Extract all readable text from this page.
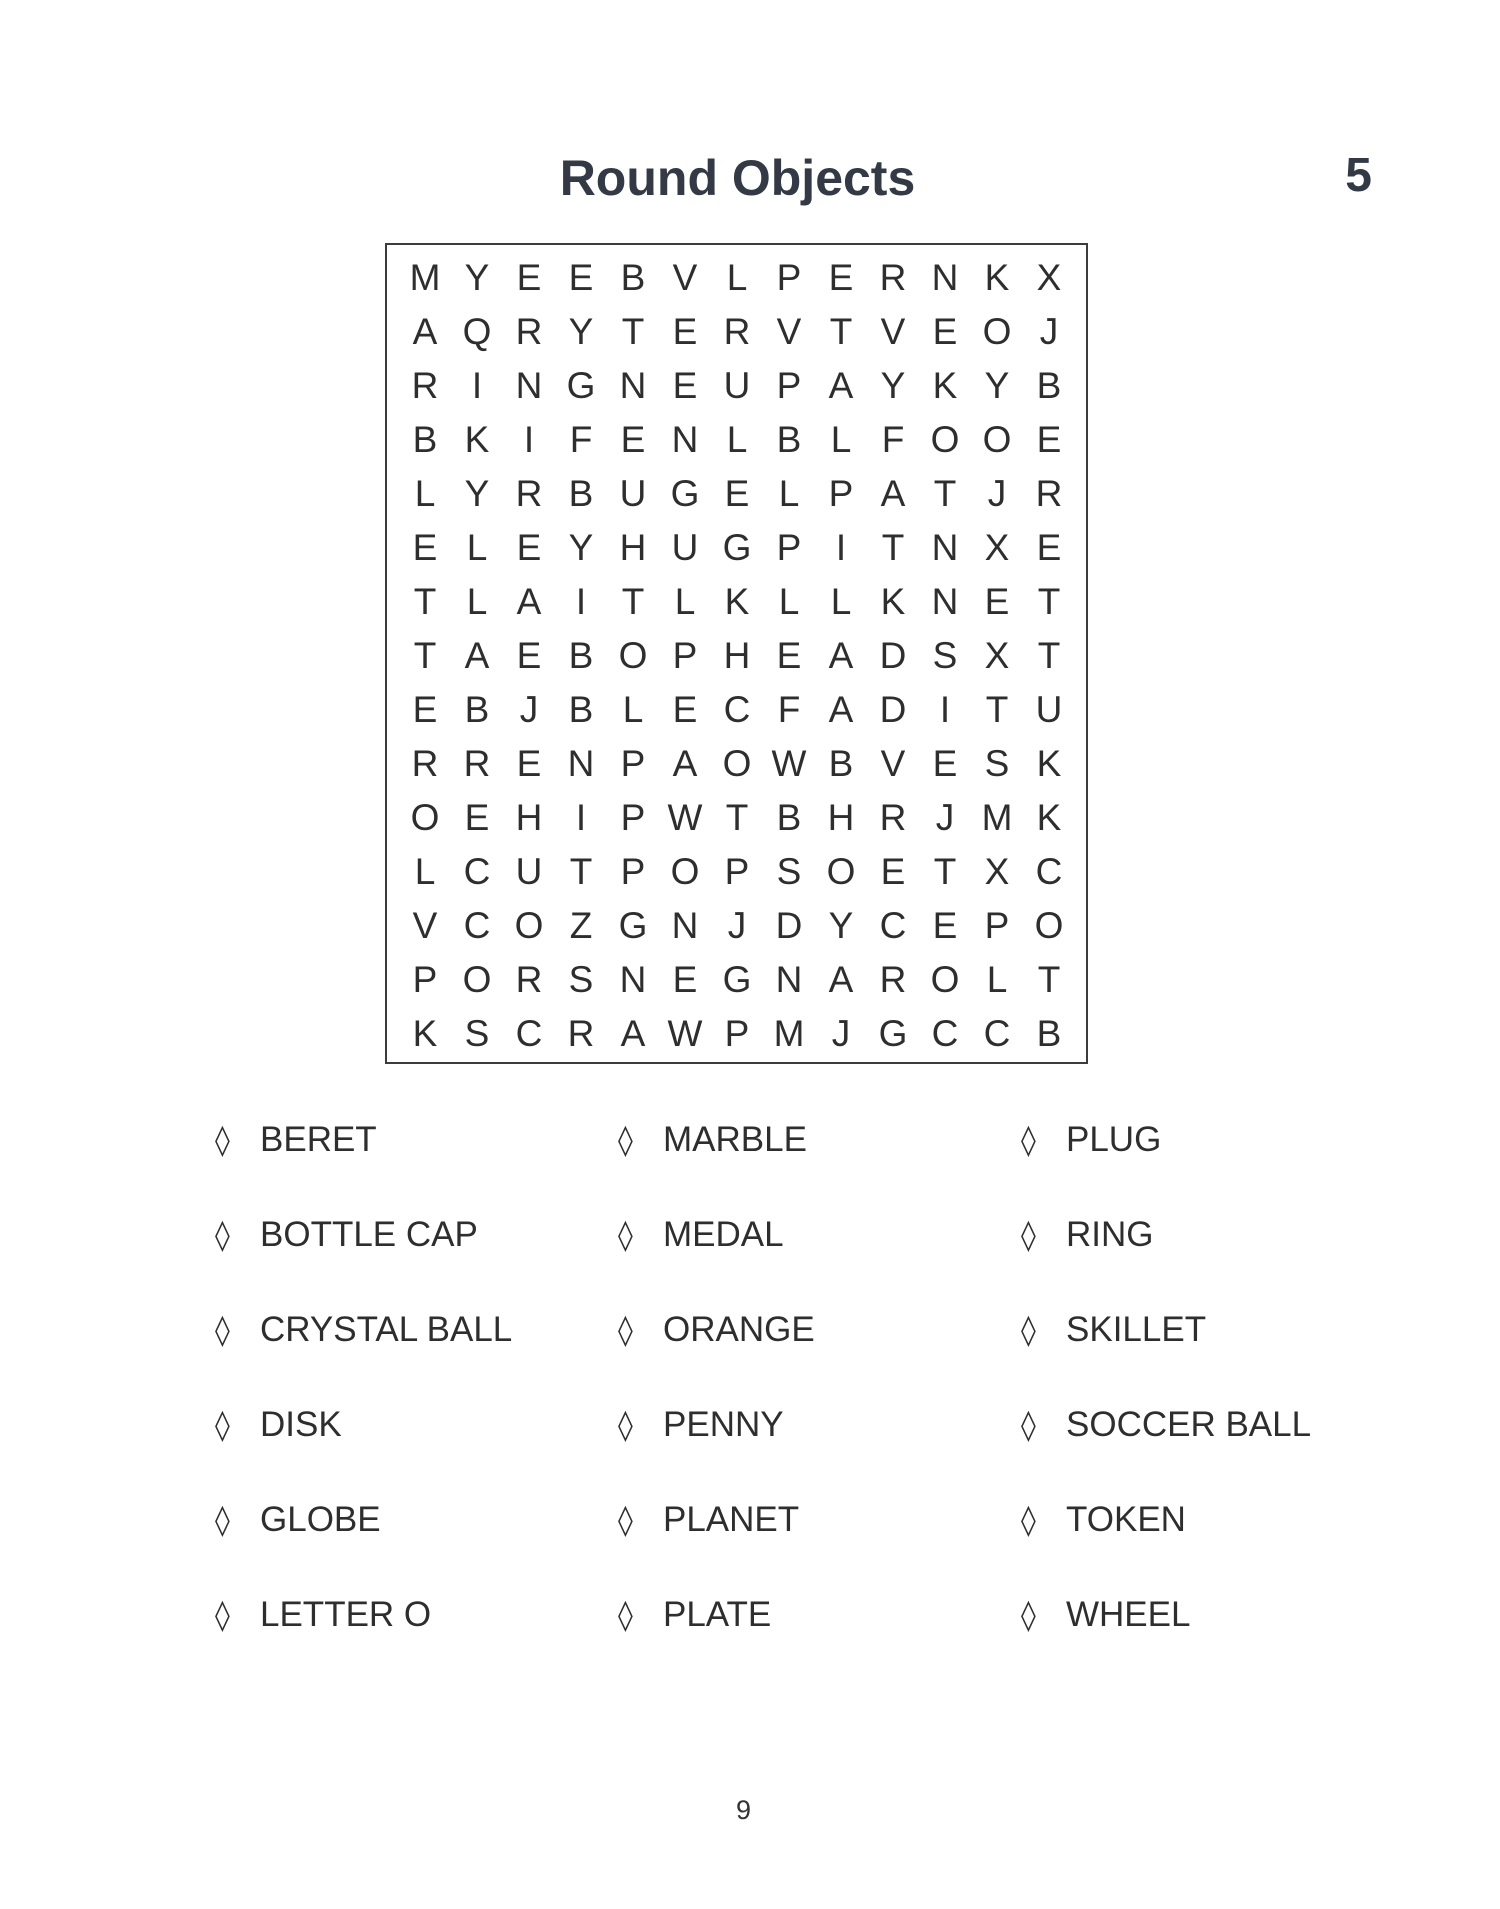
Round Objects	5
M Y E E B V L P E R N K X
A Q R Y T E R V T V E O J
R I N G N E U P A Y K Y B
B K I F E N L B L F O O E
L Y R B U G E L P A T J R
E L E Y H U G P I T N X E
T L A I T L K L L K N E T
T A E B O P H E A D S X T
E B J B L E C F A D I T U
R R E N P A O W B V E S K
O E H I P W T B H R J M K
L C U T P O P S O E T X C
V C O Z G N J D Y C E P O
P O R S N E G N A R O L T
K S C R A W P M J G C C B
◊ BERET	◊ MARBLE	◊ PLUG
◊ BOTTLE CAP	◊ MEDAL	◊ RING
◊ CRYSTAL BALL	◊ ORANGE	◊ SKILLET
◊ DISK	◊ PENNY	◊ SOCCER BALL
◊ GLOBE	◊ PLANET	◊ TOKEN
◊ LETTER O	◊ PLATE	◊ WHEEL
9
